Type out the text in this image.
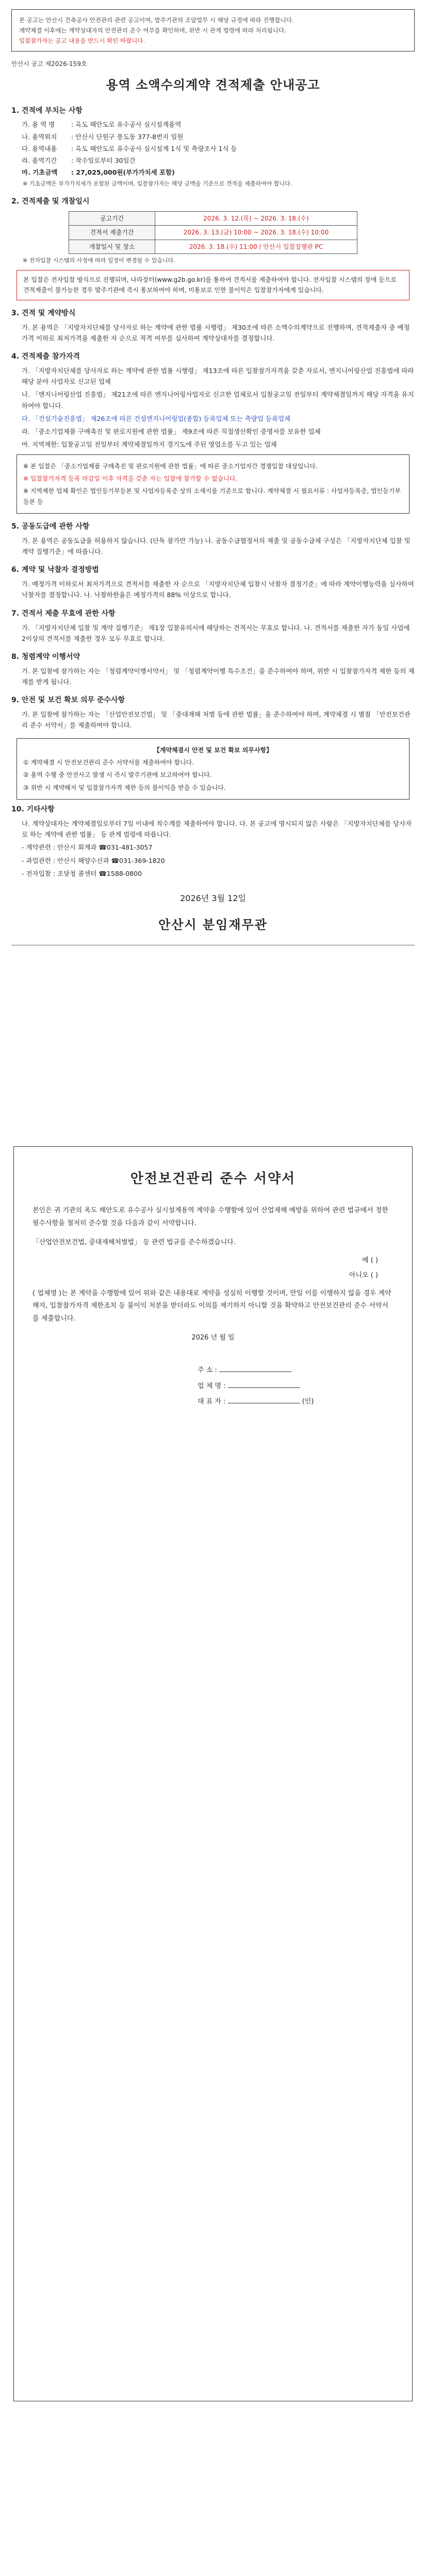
본 공고는 안산시 건축공사 안전관리 관련 공고이며, 발주기관의 조달업무 시 해당 규정에 따라 진행합니다.
계약체결 이후에는 계약상대자의 안전관리 준수 여부를 확인하며, 위반 시 관계 법령에 따라 처리됩니다.
입찰참가자는 공고 내용을 반드시 확인 바랍니다.
안산시 공고 제2026-159호
용역 소액수의계약 견적제출 안내공고
1. 견적에 부치는 사항
가. 용 역 명	: 옥도 해안도로 유수공사 실시설계용역
나. 용역위치 : 안산시 단원구 풍도동 377-8번지 일원
다. 용역내용 : 옥도 해안도로 유수공사 실시설계 1식 및 측량조사 1식 등
라. 용역기간 : 착수일로부터 30일간
마. 기초금액 : 27,025,000원(부가가치세 포함)
※ 기초금액은 부가가치세가 포함된 금액이며, 입찰참가자는 해당 금액을 기준으로 견적을 제출하여야 합니다.
2. 견적제출 및 개찰일시
공고기간	2026. 3. 12.(목) ~ 2026. 3. 18.(수)
견적서 제출기간	2026. 3. 13.(금) 10:00 ~ 2026. 3. 18.(수) 10:00
개찰일시 및 장소	2026. 3. 18.(수) 11:00 / 안산시 입찰집행관 PC
※ 전자입찰 시스템의 사정에 따라 일정이 변경될 수 있습니다.
본 입찰은 전자입찰 방식으로 진행되며, 나라장터(www.g2b.go.kr)를 통하여 견적서를 제출하여야 합니다. 전자입찰 시스템의 장애 등으로 견적제출이 불가능한 경우 발주기관에 즉시 통보하여야 하며, 미통보로 인한 불이익은 입찰참가자에게 있습니다.
3. 견적 및 계약방식
가. 본 용역은 「지방자치단체를 당사자로 하는 계약에 관한 법률 시행령」 제30조에 따른 소액수의계약으로 진행하며, 견적제출자 중 예정가격 이하로 최저가격을 제출한 자 순으로 적격 여부를 심사하여 계약상대자를 결정합니다.
4. 견적제출 참가자격
가. 「지방자치단체를 당사자로 하는 계약에 관한 법률 시행령」 제13조에 따른 입찰참가자격을 갖춘 자로서, 엔지니어링산업 진흥법에 따라 해당 분야 사업자로 신고된 업체
나. 「엔지니어링산업 진흥법」 제21조에 따른 엔지니어링사업자로 신고한 업체로서 입찰공고일 전일부터 계약체결일까지 해당 자격을 유지하여야 합니다.
다. 「건설기술진흥법」 제26조에 따른 건설엔지니어링업(종합) 등록업체 또는 측량업 등록업체
라. 「중소기업제품 구매촉진 및 판로지원에 관한 법률」 제9조에 따른 직접생산확인 증명서를 보유한 업체
마. 지역제한: 입찰공고일 전일부터 계약체결일까지 경기도에 주된 영업소를 두고 있는 업체

※ 본 입찰은 「중소기업제품 구매촉진 및 판로지원에 관한 법률」에 따른 중소기업자간 경쟁입찰 대상입니다.

※ 입찰참가자격 등록 마감일 이후 자격을 갖춘 자는 입찰에 참가할 수 없습니다.

※ 지역제한 업체 확인은 법인등기부등본 및 사업자등록증 상의 소재지를 기준으로 합니다. 계약체결 시 필요서류 : 사업자등록증, 법인등기부등본 등

5. 공동도급에 관한 사항
가. 본 용역은 공동도급을 허용하지 않습니다. (단독 참가만 가능) 나. 공동수급협정서의 제출 및 공동수급체 구성은 「지방자치단체 입찰 및 계약 집행기준」에 따릅니다.
6. 계약 및 낙찰자 결정방법
가. 예정가격 이하로서 최저가격으로 견적서를 제출한 자 순으로 「지방자치단체 입찰시 낙찰자 결정기준」에 따라 계약이행능력을 심사하여 낙찰자를 결정합니다. 나. 낙찰하한율은 예정가격의 88% 이상으로 합니다.
7. 견적서 제출 무효에 관한 사항
가. 「지방자치단체 입찰 및 계약 집행기준」 제1장 입찰유의서에 해당하는 견적서는 무효로 합니다. 나. 견적서를 제출한 자가 동일 사업에 2이상의 견적서를 제출한 경우 모두 무효로 합니다.
8. 청렴계약 이행서약
가. 본 입찰에 참가하는 자는 「청렴계약이행서약서」 및 「청렴계약이행 특수조건」을 준수하여야 하며, 위반 시 입찰참가자격 제한 등의 제재를 받게 됩니다.
9. 안전 및 보건 확보 의무 준수사항
가. 본 입찰에 참가하는 자는 「산업안전보건법」 및 「중대재해 처벌 등에 관한 법률」을 준수하여야 하며, 계약체결 시 별첨 「안전보건관리 준수 서약서」를 제출하여야 합니다.

【계약체결시 안전 및 보건 확보 의무사항】

① 계약체결 시 안전보건관리 준수 서약서를 제출하여야 합니다.

② 용역 수행 중 안전사고 발생 시 즉시 발주기관에 보고하여야 합니다.

③ 위반 시 계약해지 및 입찰참가자격 제한 등의 불이익을 받을 수 있습니다.

10. 기타사항
나. 계약상대자는 계약체결일로부터 7일 이내에 착수계를 제출하여야 합니다. 다. 본 공고에 명시되지 않은 사항은 「지방자치단체를 당사자로 하는 계약에 관한 법률」 등 관계 법령에 따릅니다.
- 계약관련 : 안산시 회계과 ☎031-481-3057
- 과업관련 : 안산시 해양수산과 ☎031-369-1820
- 전자입찰 : 조달청 콜센터 ☎1588-0800
2026년 3월 12일
안산시 분임재무관
안전보건관리 준수 서약서

본인은 귀 기관의 옥도 해안도로 유수공사 실시설계용역 계약을 수행함에 있어 산업재해 예방을 위하여 관련 법규에서 정한 필수사항을 철저히 준수할 것을 다음과 같이 서약합니다.

「산업안전보건법, 중대재해처벌법」 등 관련 법규를 준수하겠습니다.

예 ( )
아니오 ( )

( 업체명 )는 본 계약을 수행함에 있어 위와 같은 내용대로 계약을 성실히 이행할 것이며, 만일 이를 이행하지 않을 경우 계약해지, 입찰참가자격 제한조치 등 불이익 처분을 받더라도 이의를 제기하지 아니할 것을 확약하고 안전보건관리 준수 서약서를 제출합니다.

2026 년 월 일

주 소 :
업 체 명 :
대 표 자 :	(인)
